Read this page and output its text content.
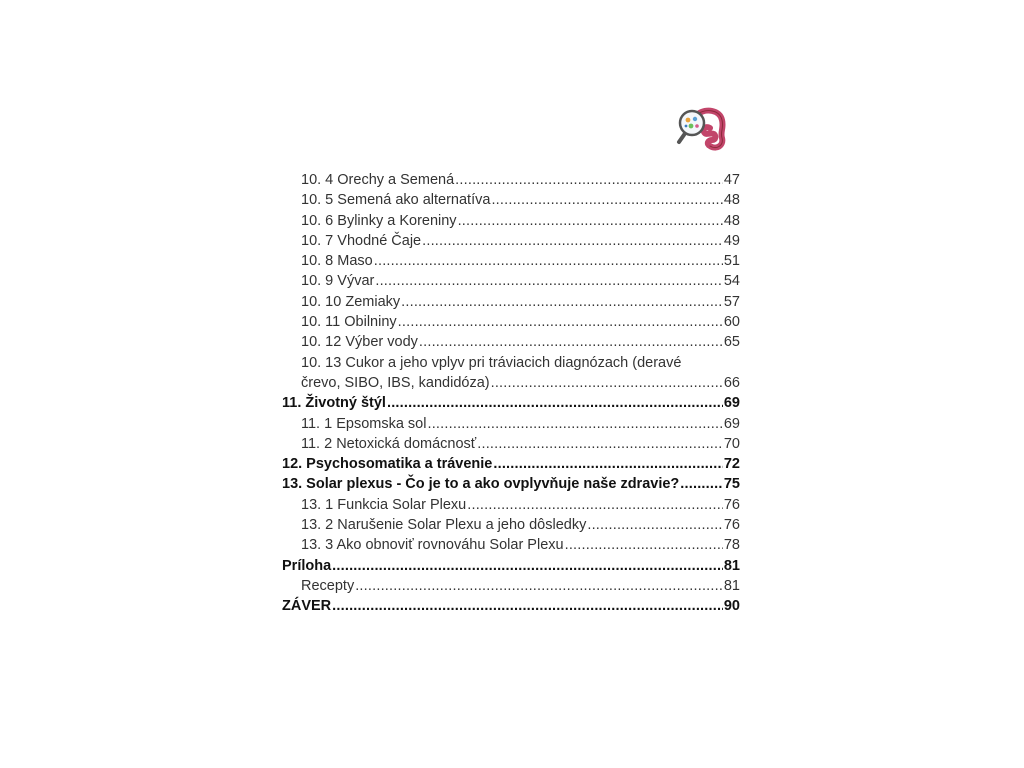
10. 4 Orechy a Semená .....	47
10. 5 Semená ako alternatíva .....	48
10. 6 Bylinky a Koreniny .....	48
10. 7 Vhodné Čaje .....	49
10. 8 Maso .....	51
10. 9 Vývar .....	54
10. 10 Zemiaky .....	57
10. 11 Obilniny .....	60
10. 12 Výber vody .....	65
10. 13 Cukor a jeho vplyv pri tráviacich diagnózach (deravé
črevo, SIBO, IBS, kandidóza) .....	66
11. Životný štýl .....	69
11. 1 Epsomska sol .....	69
11. 2 Netoxická domácnosť .....	70
12. Psychosomatika a trávenie .....	72
13. Solar plexus - Čo je to a ako ovplyvňuje naše zdravie? .....	75
13. 1 Funkcia Solar Plexu .....	76
13. 2 Narušenie Solar Plexu a jeho dôsledky .....	76
13. 3 Ako obnoviť rovnováhu Solar Plexu .....	78
Príloha .....	81
Recepty .....	81
ZÁVER .....	90
